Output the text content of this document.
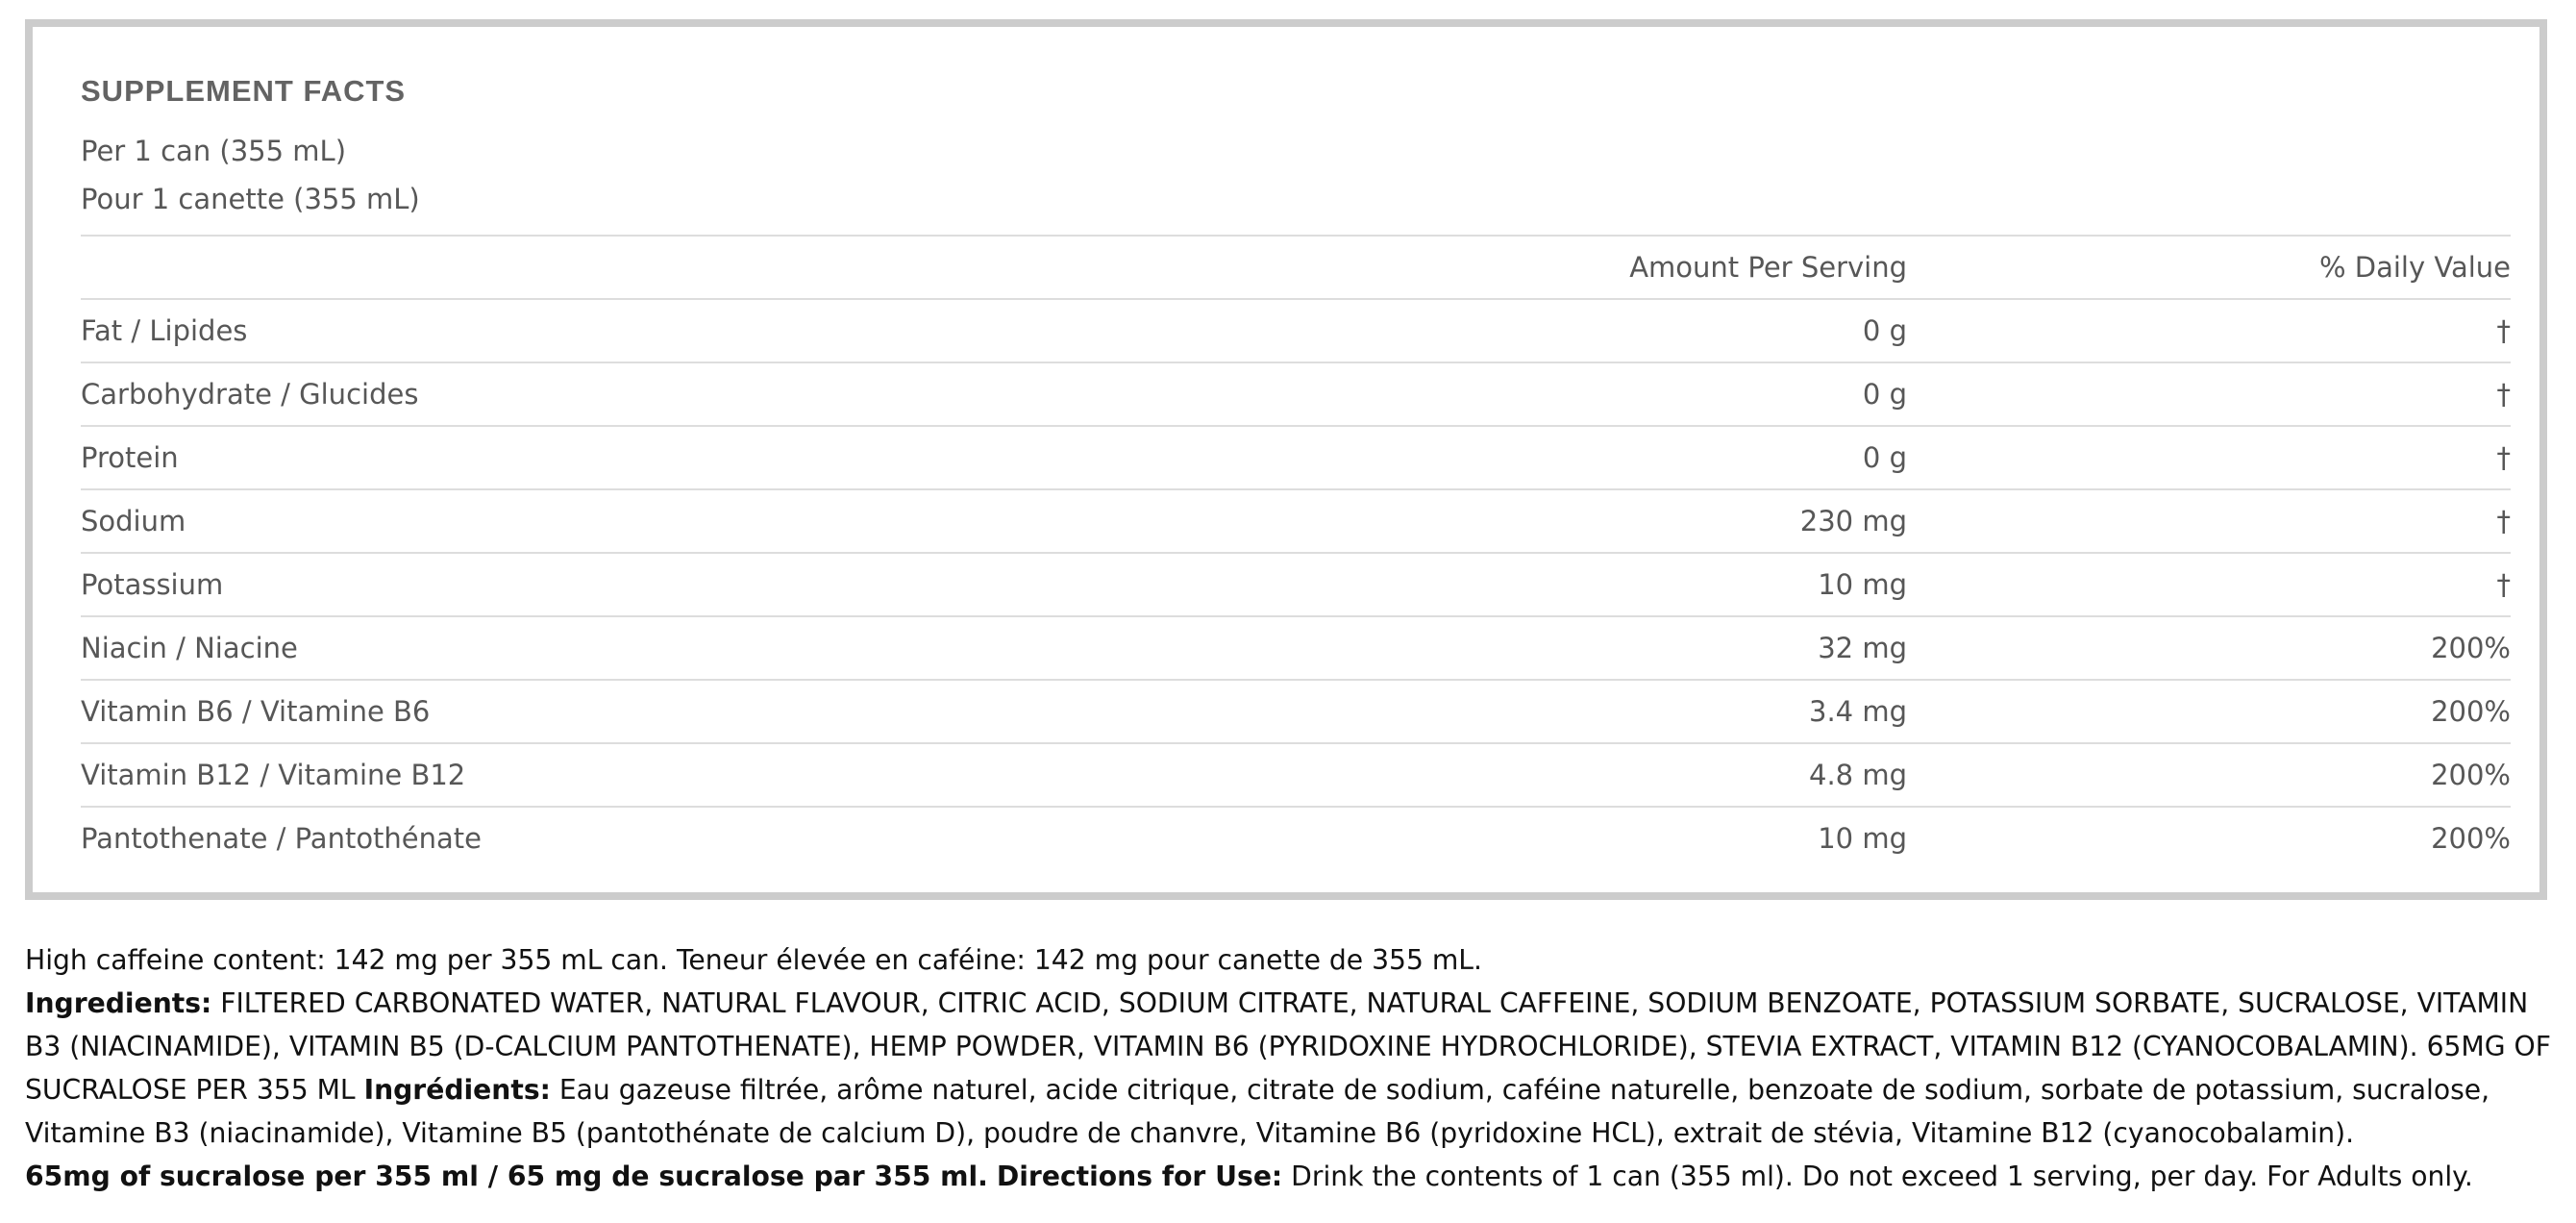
SUPPLEMENT FACTS
Per 1 can (355 mL)
Pour 1 canette (355 mL)
	Amount Per Serving	% Daily Value
Fat / Lipides	0 g	†
Carbohydrate / Glucides	0 g	†
Protein	0 g	†
Sodium	230 mg	†
Potassium	10 mg	†
Niacin / Niacine	32 mg	200%
Vitamin B6 / Vitamine B6	3.4 mg	200%
Vitamin B12 / Vitamine B12	4.8 mg	200%
Pantothenate / Pantothénate	10 mg	200%

High caffeine content: 142 mg per 355 mL can. Teneur élevée en caféine: 142 mg pour canette de 355 mL.

Ingredients: FILTERED CARBONATED WATER, NATURAL FLAVOUR, CITRIC ACID, SODIUM CITRATE, NATURAL CAFFEINE, SODIUM BENZOATE, POTASSIUM SORBATE, SUCRALOSE, VITAMIN B3 (NIACINAMIDE), VITAMIN B5 (D-CALCIUM PANTOTHENATE), HEMP POWDER, VITAMIN B6 (PYRIDOXINE HYDROCHLORIDE), STEVIA EXTRACT, VITAMIN B12 (CYANOCOBALAMIN). 65MG OF SUCRALOSE PER 355 ML Ingrédients: Eau gazeuse filtrée, arôme naturel, acide citrique, citrate de sodium, caféine naturelle, benzoate de sodium, sorbate de potassium, sucralose, Vitamine B3 (niacinamide), Vitamine B5 (pantothénate de calcium D), poudre de chanvre, Vitamine B6 (pyridoxine HCL), extrait de stévia, Vitamine B12 (cyanocobalamin).

65mg of sucralose per 355 ml / 65 mg de sucralose par 355 ml. Directions for Use: Drink the contents of 1 can (355 ml). Do not exceed 1 serving, per day. For Adults only.
